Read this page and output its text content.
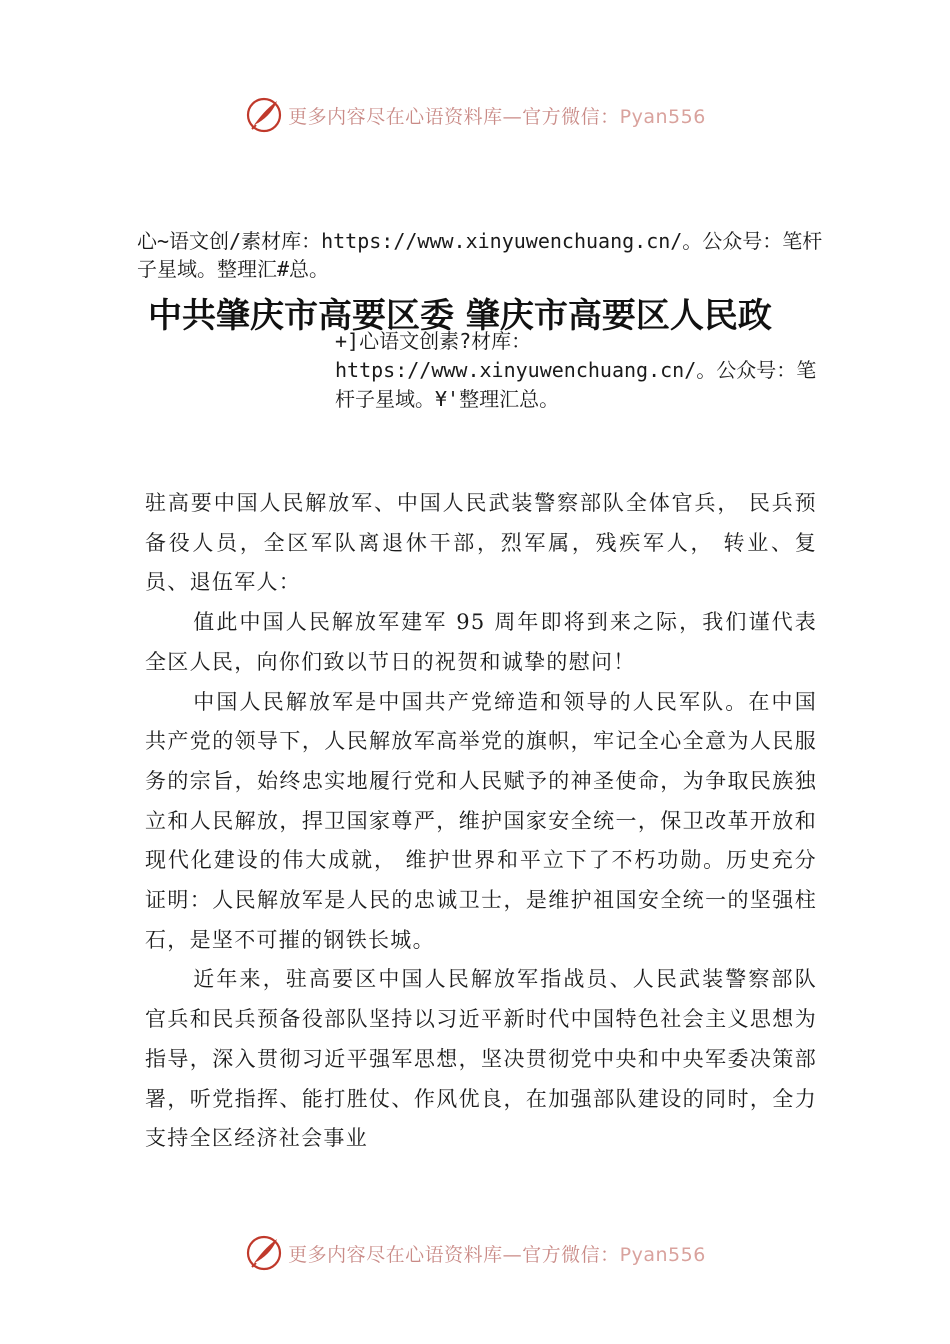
更多内容尽在心语资料库—官方微信：Pyan556
心~语文创/素材库：https://www.xinyuwenchuang.cn/。公众号：笔杆子星域。整理汇#总。
中共肇庆市高要区委 肇庆市高要区人民政
+]心语文创素?材库：https://www.xinyuwenchuang.cn/。公众号：笔杆子星域。¥'整理汇总。

驻高要中国人民解放军、中国人民武装警察部队全体官兵， 民兵预备役人员，全区军队离退休干部，烈军属，残疾军人， 转业、复员、退伍军人：

值此中国人民解放军建军 95 周年即将到来之际，我们谨代表全区人民，向你们致以节日的祝贺和诚挚的慰问！

中国人民解放军是中国共产党缔造和领导的人民军队。在中国共产党的领导下，人民解放军高举党的旗帜，牢记全心全意为人民服务的宗旨，始终忠实地履行党和人民赋予的神圣使命，为争取民族独立和人民解放，捍卫国家尊严，维护国家安全统一，保卫改革开放和现代化建设的伟大成就， 维护世界和平立下了不朽功勋。历史充分证明：人民解放军是人民的忠诚卫士，是维护祖国安全统一的坚强柱石，是坚不可摧的钢铁长城。

近年来，驻高要区中国人民解放军指战员、人民武装警察部队官兵和民兵预备役部队坚持以习近平新时代中国特色社会主义思想为指导，深入贯彻习近平强军思想，坚决贯彻党中央和中央军委决策部署，听党指挥、能打胜仗、作风优良，在加强部队建设的同时，全力支持全区经济社会事业

更多内容尽在心语资料库—官方微信：Pyan556
